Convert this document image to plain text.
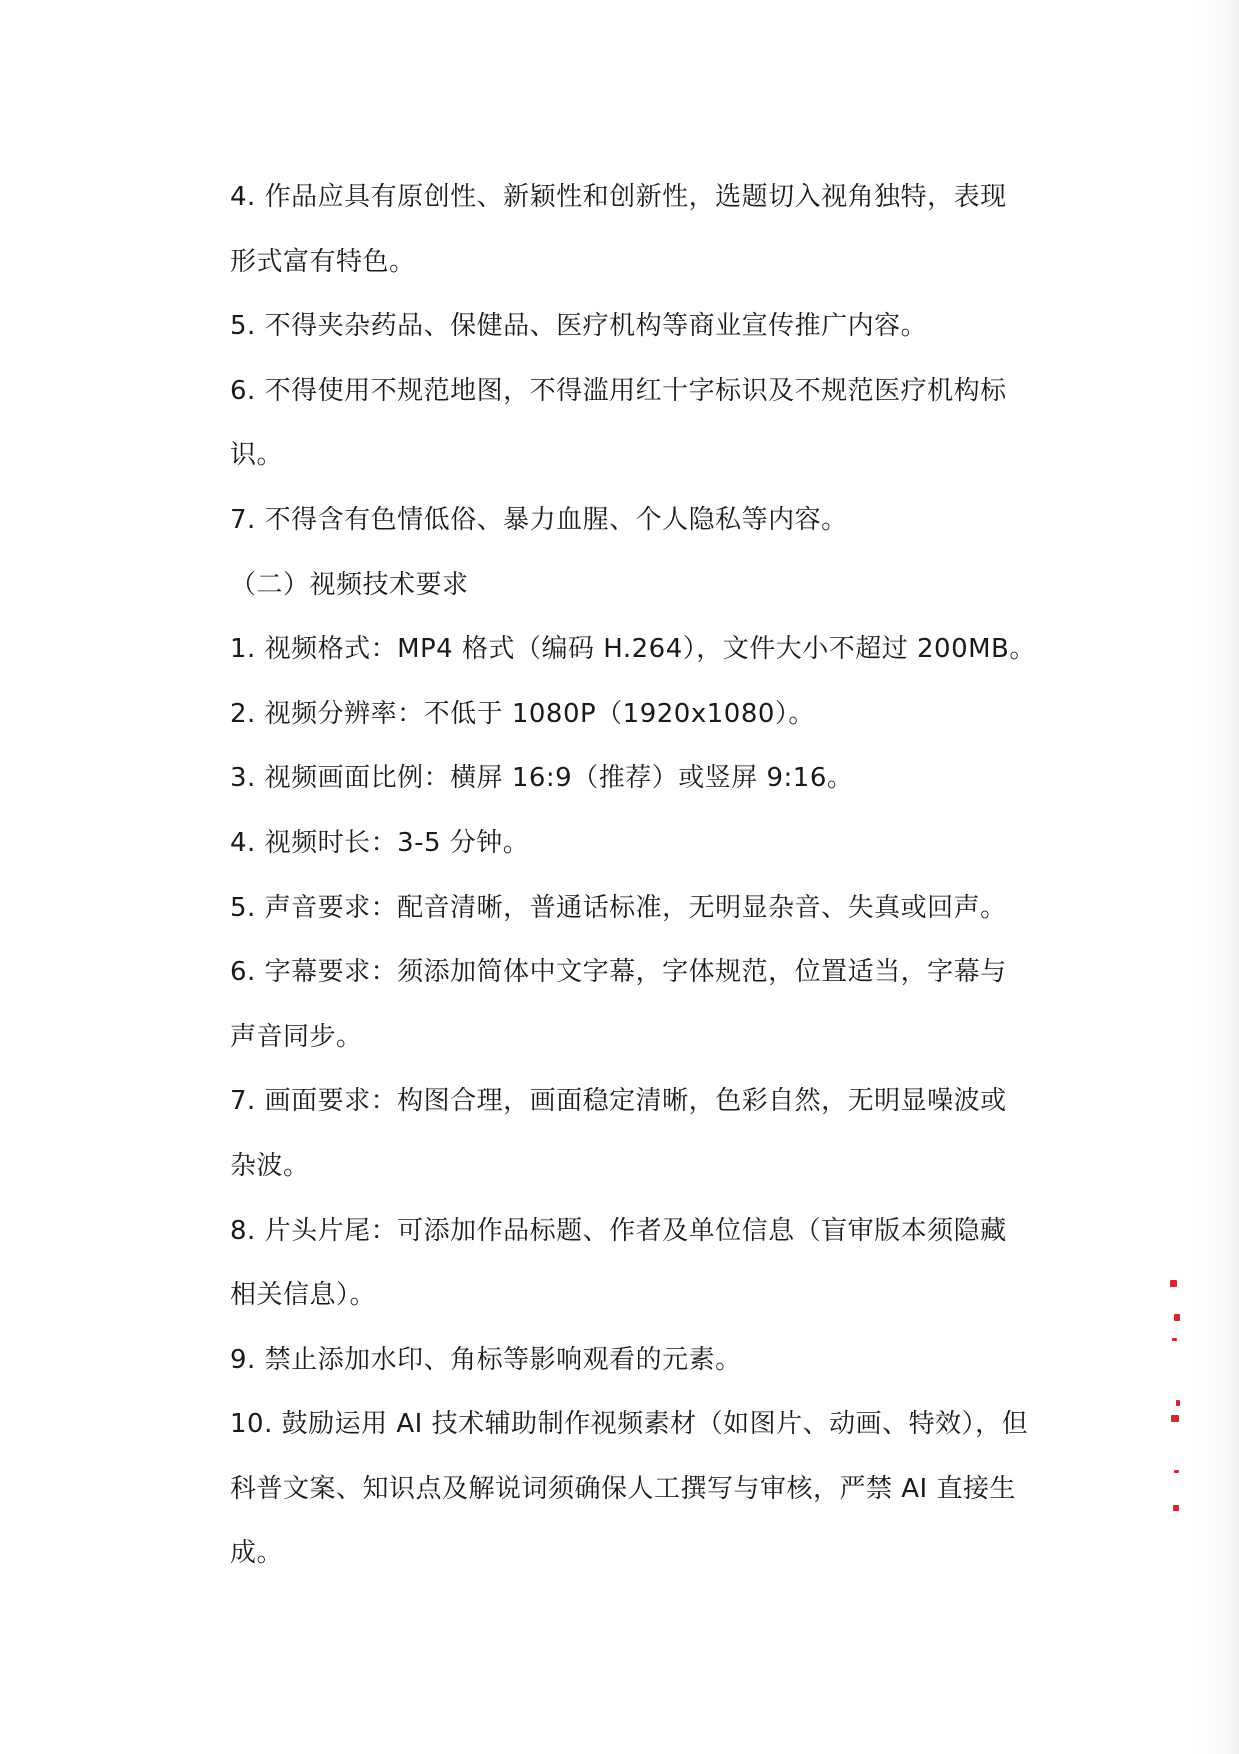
4. 作品应具有原创性、新颖性和创新性，选题切入视角独特，表现
形式富有特色。
5. 不得夹杂药品、保健品、医疗机构等商业宣传推广内容。
6. 不得使用不规范地图，不得滥用红十字标识及不规范医疗机构标
识。
7. 不得含有色情低俗、暴力血腥、个人隐私等内容。
（二）视频技术要求
1. 视频格式：MP4 格式（编码 H.264），文件大小不超过 200MB。
2. 视频分辨率：不低于 1080P（1920x1080）。
3. 视频画面比例：横屏 16:9（推荐）或竖屏 9:16。
4. 视频时长：3-5 分钟。
5. 声音要求：配音清晰，普通话标准，无明显杂音、失真或回声。
6. 字幕要求：须添加简体中文字幕，字体规范，位置适当，字幕与
声音同步。
7. 画面要求：构图合理，画面稳定清晰，色彩自然，无明显噪波或
杂波。
8. 片头片尾：可添加作品标题、作者及单位信息（盲审版本须隐藏
相关信息）。
9. 禁止添加水印、角标等影响观看的元素。
10. 鼓励运用 AI 技术辅助制作视频素材（如图片、动画、特效），但
科普文案、知识点及解说词须确保人工撰写与审核，严禁 AI 直接生
成。
